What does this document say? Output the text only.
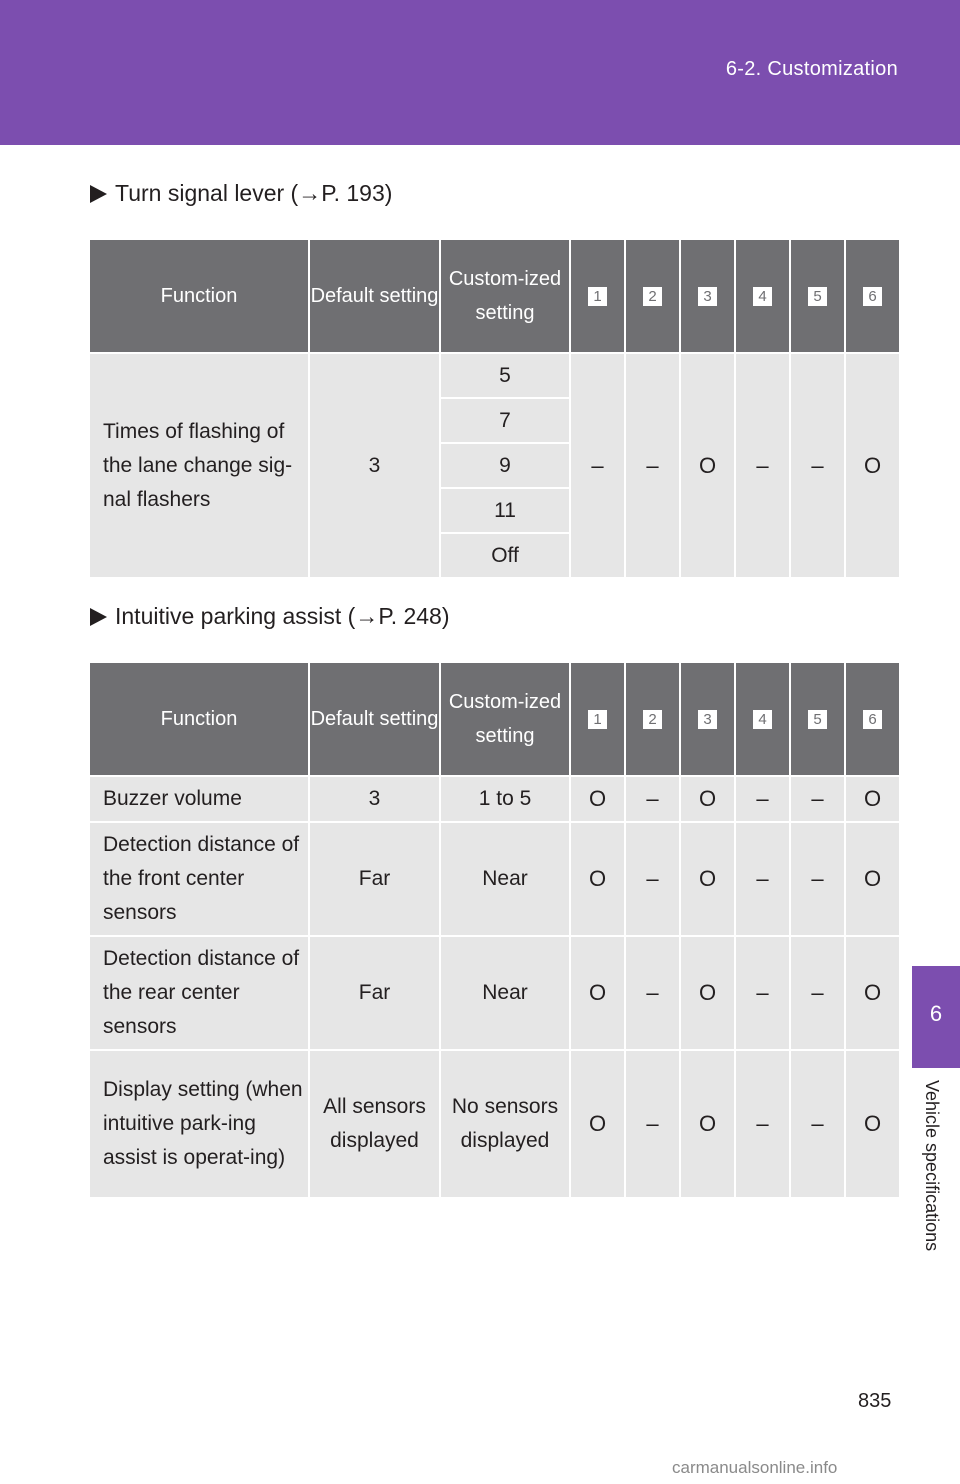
6-2. Customization
6
Vehicle specifications
Turn signal lever (→P. 193)
Function	Default setting	Custom-ized setting	1	2	3	4	5	6
Times of flashing of the lane change sig-nal flashers	3	5	–	–	O	–	–	O
		7						
		9						
		11						
		Off						
Intuitive parking assist (→P. 248)
Function	Default setting	Custom-ized setting	1	2	3	4	5	6
Buzzer volume	3	1 to 5	O	–	O	–	–	O
Detection distance of the front center sensors	Far	Near	O	–	O	–	–	O
Detection distance of the rear center sensors	Far	Near	O	–	O	–	–	O
Display setting (when intuitive park-ing assist is operat-ing)	All sensors displayed	No sensors displayed	O	–	O	–	–	O
835
carmanualsonline.info
